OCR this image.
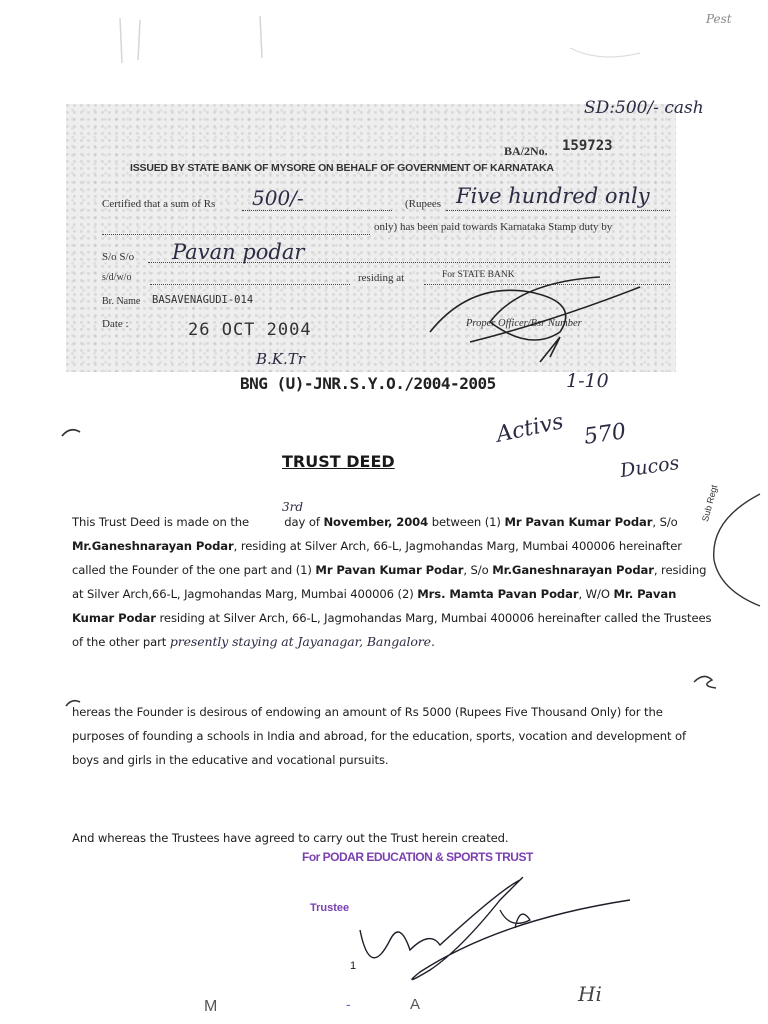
Pest
SD:500/- cash
BA/2No. 159723
ISSUED BY STATE BANK OF MYSORE ON BEHALF OF GOVERNMENT OF KARNATAKA
Certified that a sum of Rs 500/-	(Rupees Five hundred only
only) has been paid towards Karnataka Stamp duty by
S/o S/o Pavan podar
s/d/w/o	residing at	For STATE BANK
Br. Name BASAVENAGUDI-014
Date :	26 OCT 2004	Proper Officer/Bsr Number
B.K.Tr
BNG (U)-JNR.S.Y.O./2004-2005	1-10
Activs 570
Ducos
TRUST DEED
3rd
This Trust Deed is made on the	day of November, 2004 between (1) Mr Pavan Kumar Podar, S/o Mr.Ganeshnarayan Podar, residing at Silver Arch, 66-L, Jagmohandas Marg, Mumbai 400006 hereinafter called the Founder of the one part and (1) Mr Pavan Kumar Podar, S/o Mr.Ganeshnarayan Podar, residing at Silver Arch,66-L, Jagmohandas Marg, Mumbai 400006 (2) Mrs. Mamta Pavan Podar, W/O Mr. Pavan Kumar Podar residing at Silver Arch, 66-L, Jagmohandas Marg, Mumbai 400006 hereinafter called the Trustees of the other part presently staying at Jayanagar, Bangalore.
Sub Regt
hereas the Founder is desirous of endowing an amount of Rs 5000 (Rupees Five Thousand Only) for the purposes of founding a schools in India and abroad, for the education, sports, vocation and development of boys and girls in the educative and vocational pursuits.
And whereas the Trustees have agreed to carry out the Trust herein created.
For PODAR EDUCATION & SPORTS TRUST
Trustee
1
M	-	A	Hi
